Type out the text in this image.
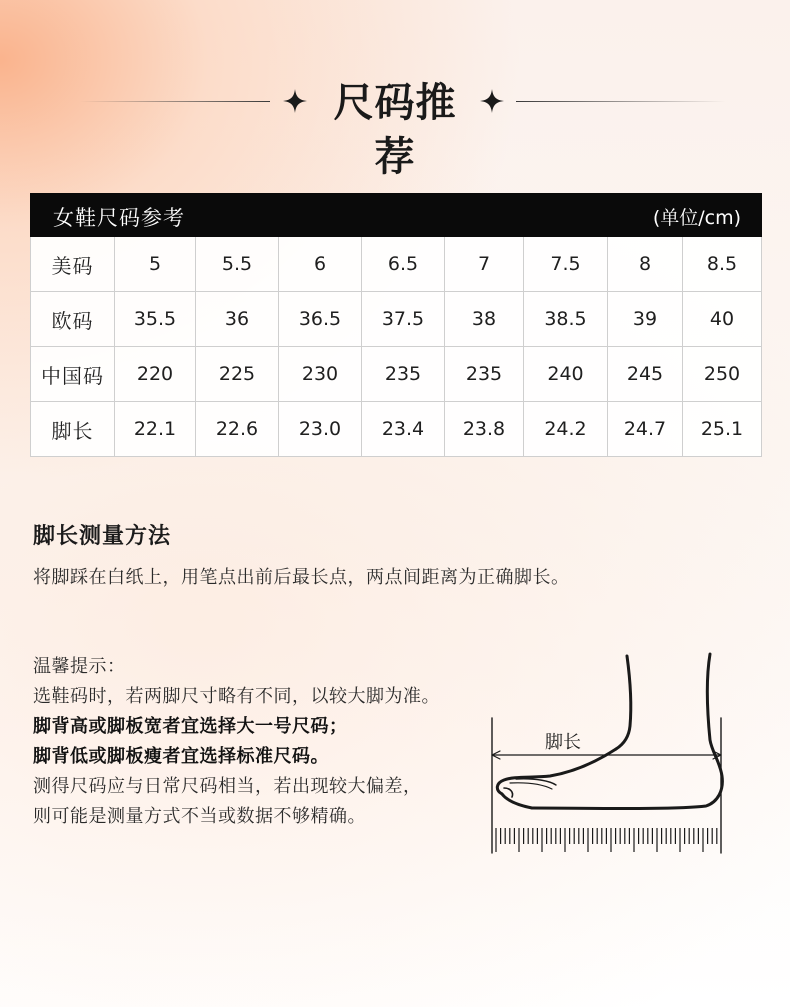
尺码推荐
女鞋尺码参考 (单位/cm)								

美码	5	5.5	6	6.5	7	7.5	8	8.5
欧码	35.5	36	36.5	37.5	38	38.5	39	40
中国码	220	225	230	235	235	240	245	250
脚长	22.1	22.6	23.0	23.4	23.8	24.2	24.7	25.1
脚长测量方法
将脚踩在白纸上，用笔点出前后最长点，两点间距离为正确脚长。
温馨提示：
选鞋码时，若两脚尺寸略有不同，以较大脚为准。
脚背高或脚板宽者宜选择大一号尺码；
脚背低或脚板瘦者宜选择标准尺码。
测得尺码应与日常尺码相当，若出现较大偏差，
则可能是测量方式不当或数据不够精确。
脚长
